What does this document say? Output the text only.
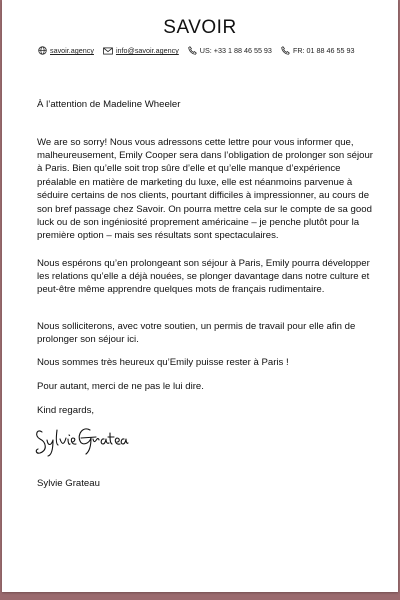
SAVOIR
savoir.agency	info@savoir.agency	US: +33 1 88 46 55 93	FR: 01 88 46 55 93

À l’attention de Madeline Wheeler

We are so sorry! Nous vous adressons cette lettre pour vous informer que, malheureusement, Emily Cooper sera dans l’obligation de prolonger son séjour à Paris. Bien qu’elle soit trop sûre d’elle et qu’elle manque d’expérience préalable en matière de marketing du luxe, elle est néanmoins parvenue à séduire certains de nos clients, pourtant difficiles à impressionner, au cours de son bref passage chez Savoir. On pourra mettre cela sur le compte de sa good luck ou de son ingéniosité proprement américaine – je penche plutôt pour la première option – mais ses résultats sont spectaculaires.

Nous espérons qu’en prolongeant son séjour à Paris, Emily pourra développer les relations qu’elle a déjà nouées, se plonger davantage dans notre culture et peut-être même apprendre quelques mots de français rudimentaire.

Nous solliciterons, avec votre soutien, un permis de travail pour elle afin de prolonger son séjour ici.

Nous sommes très heureux qu’Emily puisse rester à Paris !

Pour autant, merci de ne pas le lui dire.

Kind regards,

Sylvie Grateau
